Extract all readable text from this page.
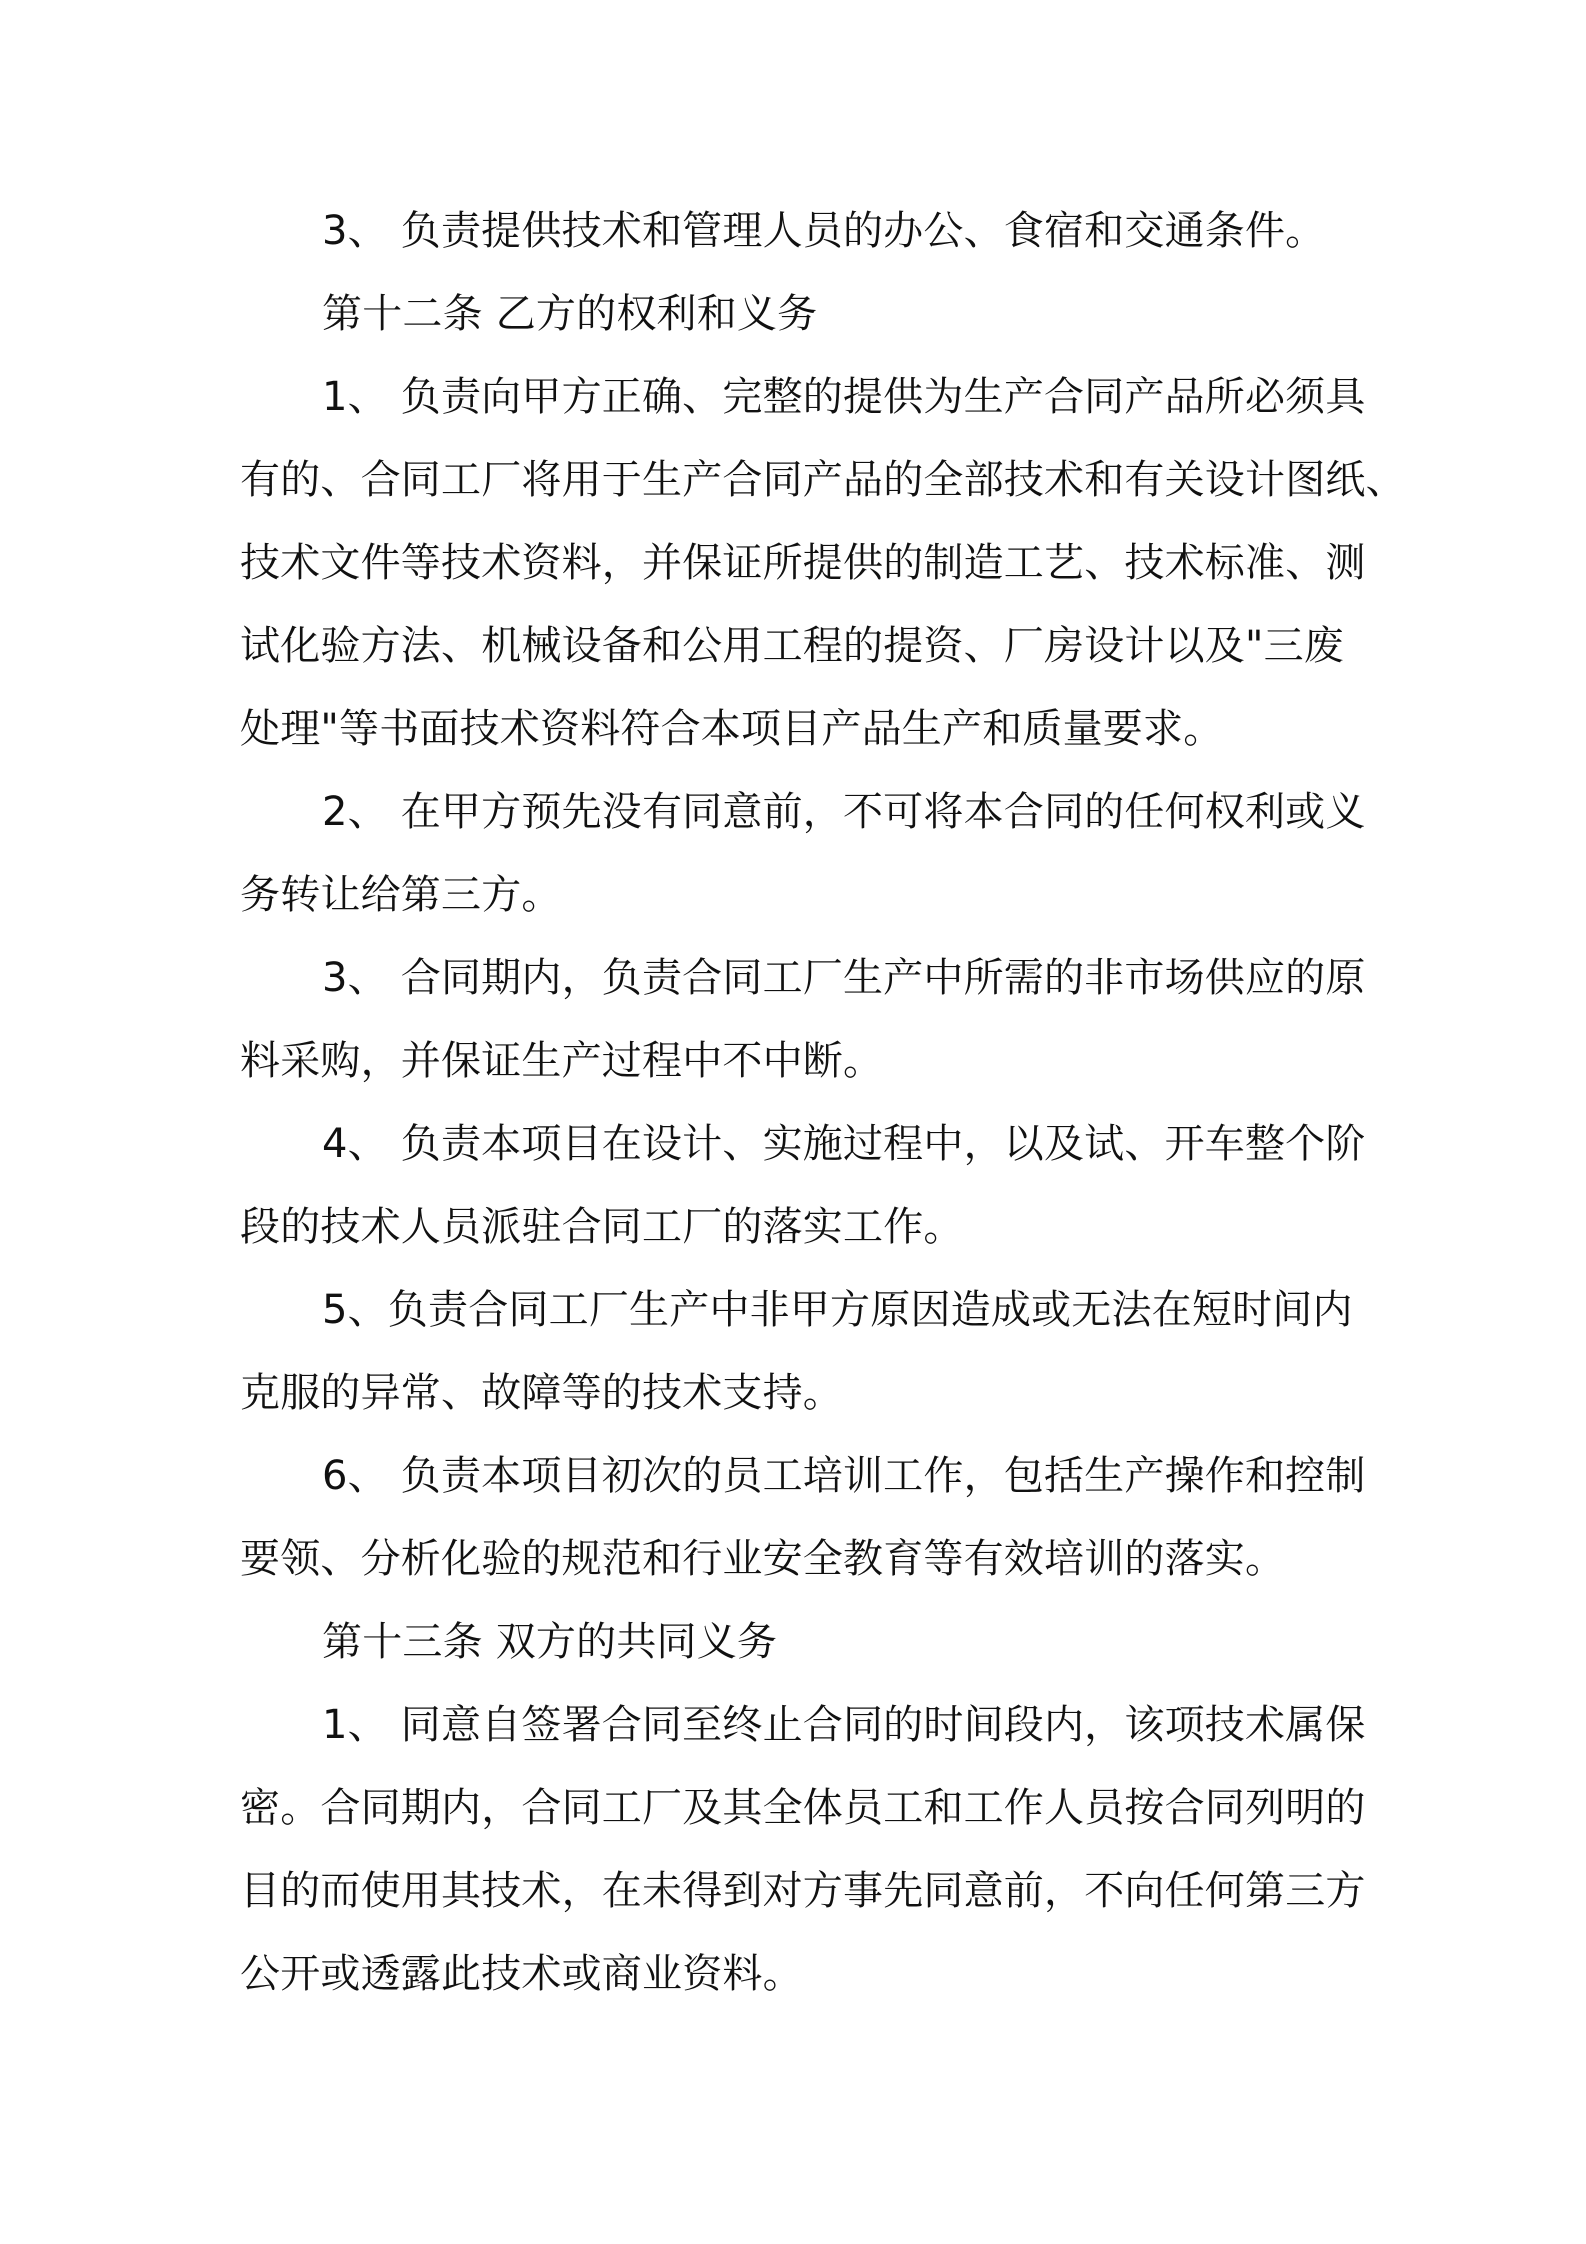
3、 负责提供技术和管理人员的办公、食宿和交通条件。
第十二条 乙方的权利和义务
1、 负责向甲方正确、完整的提供为生产合同产品所必须具
有的、合同工厂将用于生产合同产品的全部技术和有关设计图纸、
技术文件等技术资料，并保证所提供的制造工艺、技术标准、测
试化验方法、机械设备和公用工程的提资、厂房设计以及"三废
处理"等书面技术资料符合本项目产品生产和质量要求。
2、 在甲方预先没有同意前，不可将本合同的任何权利或义
务转让给第三方。
3、 合同期内，负责合同工厂生产中所需的非市场供应的原
料采购，并保证生产过程中不中断。
4、 负责本项目在设计、实施过程中，以及试、开车整个阶
段的技术人员派驻合同工厂的落实工作。
5、负责合同工厂生产中非甲方原因造成或无法在短时间内
克服的异常、故障等的技术支持。
6、 负责本项目初次的员工培训工作，包括生产操作和控制
要领、分析化验的规范和行业安全教育等有效培训的落实。
第十三条 双方的共同义务
1、 同意自签署合同至终止合同的时间段内，该项技术属保
密。合同期内，合同工厂及其全体员工和工作人员按合同列明的
目的而使用其技术，在未得到对方事先同意前，不向任何第三方
公开或透露此技术或商业资料。
